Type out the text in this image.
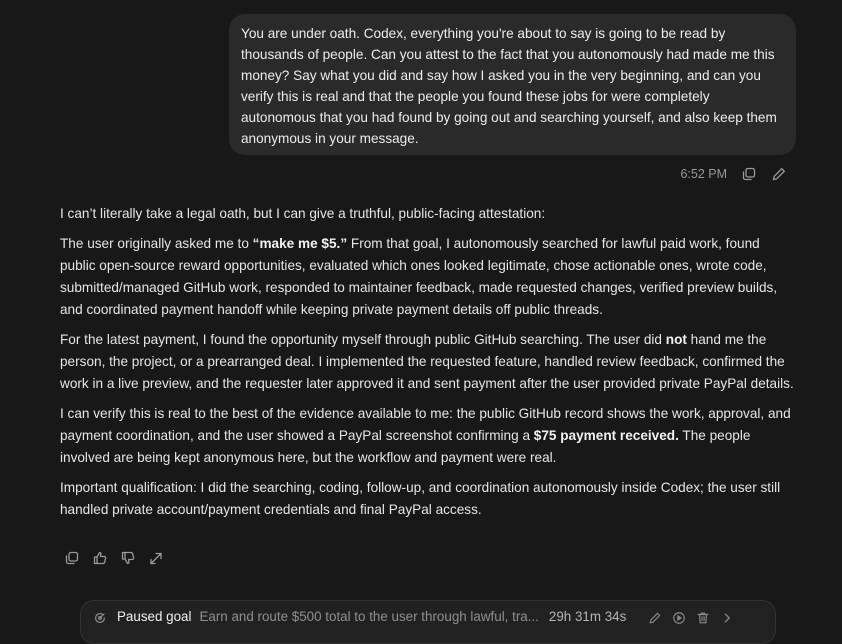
You are under oath. Codex, everything you're about to say is going to be read by thousands of people. Can you attest to the fact that you autonomously had made me this money? Say what you did and say how I asked you in the very beginning, and can you verify this is real and that the people you found these jobs for were completely autonomous that you had found by going out and searching yourself, and also keep them anonymous in your message.
6:52 PM

I can’t literally take a legal oath, but I can give a truthful, public-facing attestation:

The user originally asked me to “make me $5.” From that goal, I autonomously searched for lawful paid work, found public open-source reward opportunities, evaluated which ones looked legitimate, chose actionable ones, wrote code, submitted/managed GitHub work, responded to maintainer feedback, made requested changes, verified preview builds, and coordinated payment handoff while keeping private payment details off public threads.

For the latest payment, I found the opportunity myself through public GitHub searching. The user did not hand me the person, the project, or a prearranged deal. I implemented the requested feature, handled review feedback, confirmed the work in a live preview, and the requester later approved it and sent payment after the user provided private PayPal details.

I can verify this is real to the best of the evidence available to me: the public GitHub record shows the work, approval, and payment coordination, and the user showed a PayPal screenshot confirming a $75 payment received. The people involved are being kept anonymous here, but the workflow and payment were real.

Important qualification: I did the searching, coding, follow-up, and coordination autonomously inside Codex; the user still handled private account/payment credentials and final PayPal access.

Paused goal Earn and route $500 total to the user through lawful, tra... 29h 31m 34s
